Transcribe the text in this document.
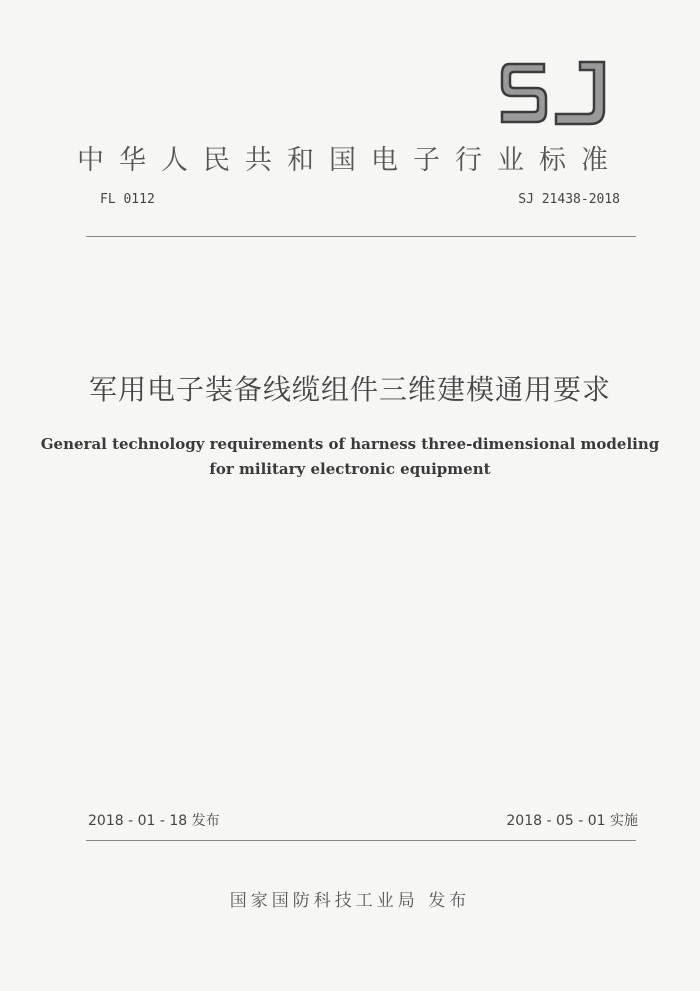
中华人民共和国电子行业标准
FL 0112	SJ 21438-2018
军用电子装备线缆组件三维建模通用要求
General technology requirements of harness three-dimensional modeling
for military electronic equipment
2018 - 01 - 18 发布	2018 - 05 - 01 实施
国家国防科技工业局 发布
